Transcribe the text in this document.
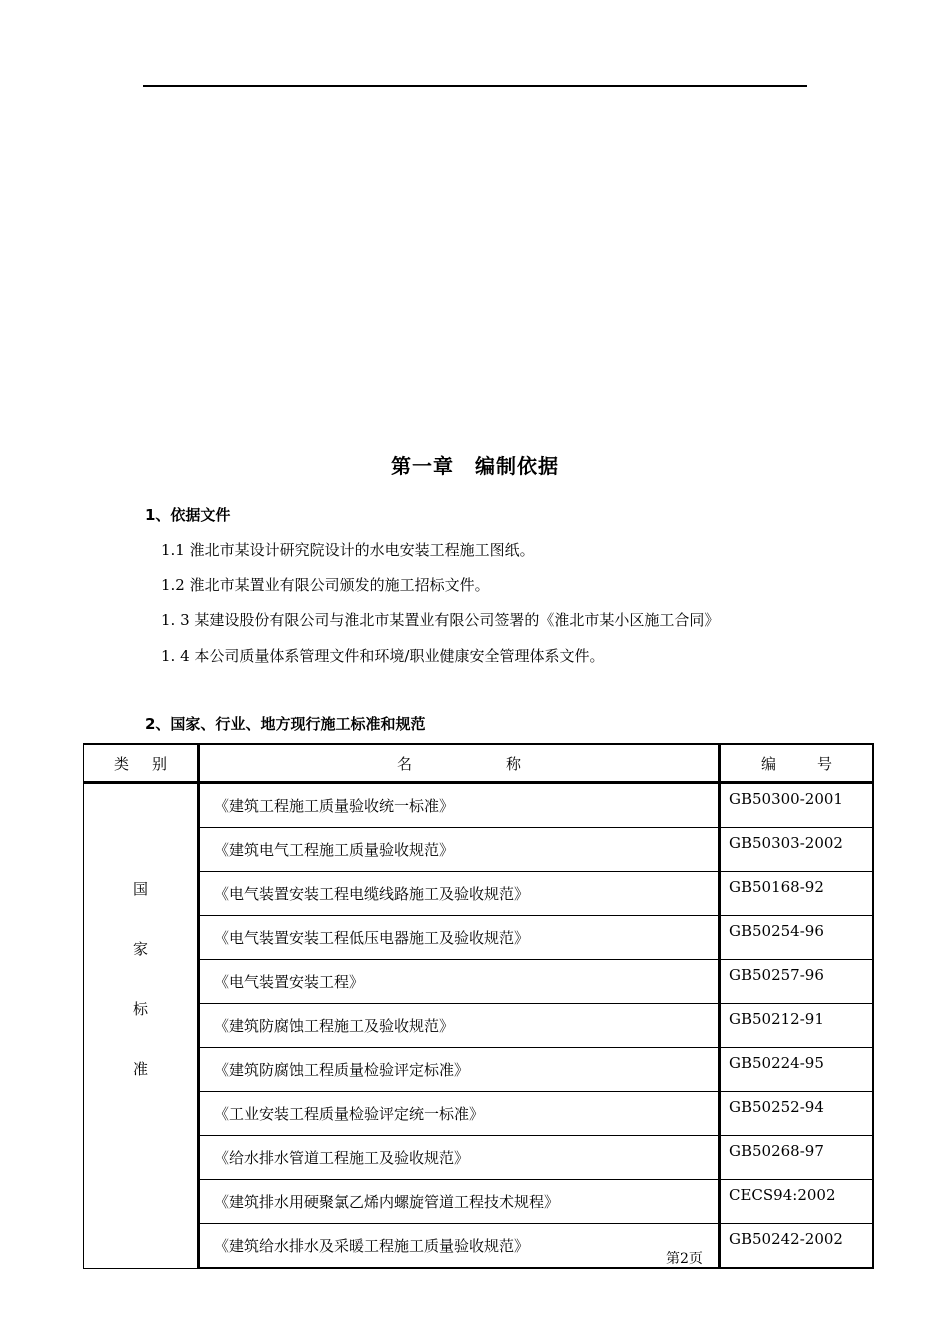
第一章　编制依据
1、依据文件
1.1 淮北市某设计研究院设计的水电安装工程施工图纸。
1.2 淮北市某置业有限公司颁发的施工招标文件。
1. 3 某建设股份有限公司与淮北市某置业有限公司签署的《淮北市某小区施工合同》
1. 4 本公司质量体系管理文件和环境/职业健康安全管理体系文件。
2、国家、行业、地方现行施工标准和规范
类 别	名 称	编 号

国
家
标
准	《建筑工程施工质量验收统一标准》	GB50300-2001
	《建筑电气工程施工质量验收规范》	GB50303-2002
	《电气装置安装工程电缆线路施工及验收规范》	GB50168-92
	《电气装置安装工程低压电器施工及验收规范》	GB50254-96
	《电气装置安装工程》	GB50257-96
	《建筑防腐蚀工程施工及验收规范》	GB50212-91
	《建筑防腐蚀工程质量检验评定标准》	GB50224-95
	《工业安装工程质量检验评定统一标准》	GB50252-94
	《给水排水管道工程施工及验收规范》	GB50268-97
	《建筑排水用硬聚氯乙烯内螺旋管道工程技术规程》	CECS94:2002
	《建筑给水排水及采暖工程施工质量验收规范》	GB50242-2002
第2页
